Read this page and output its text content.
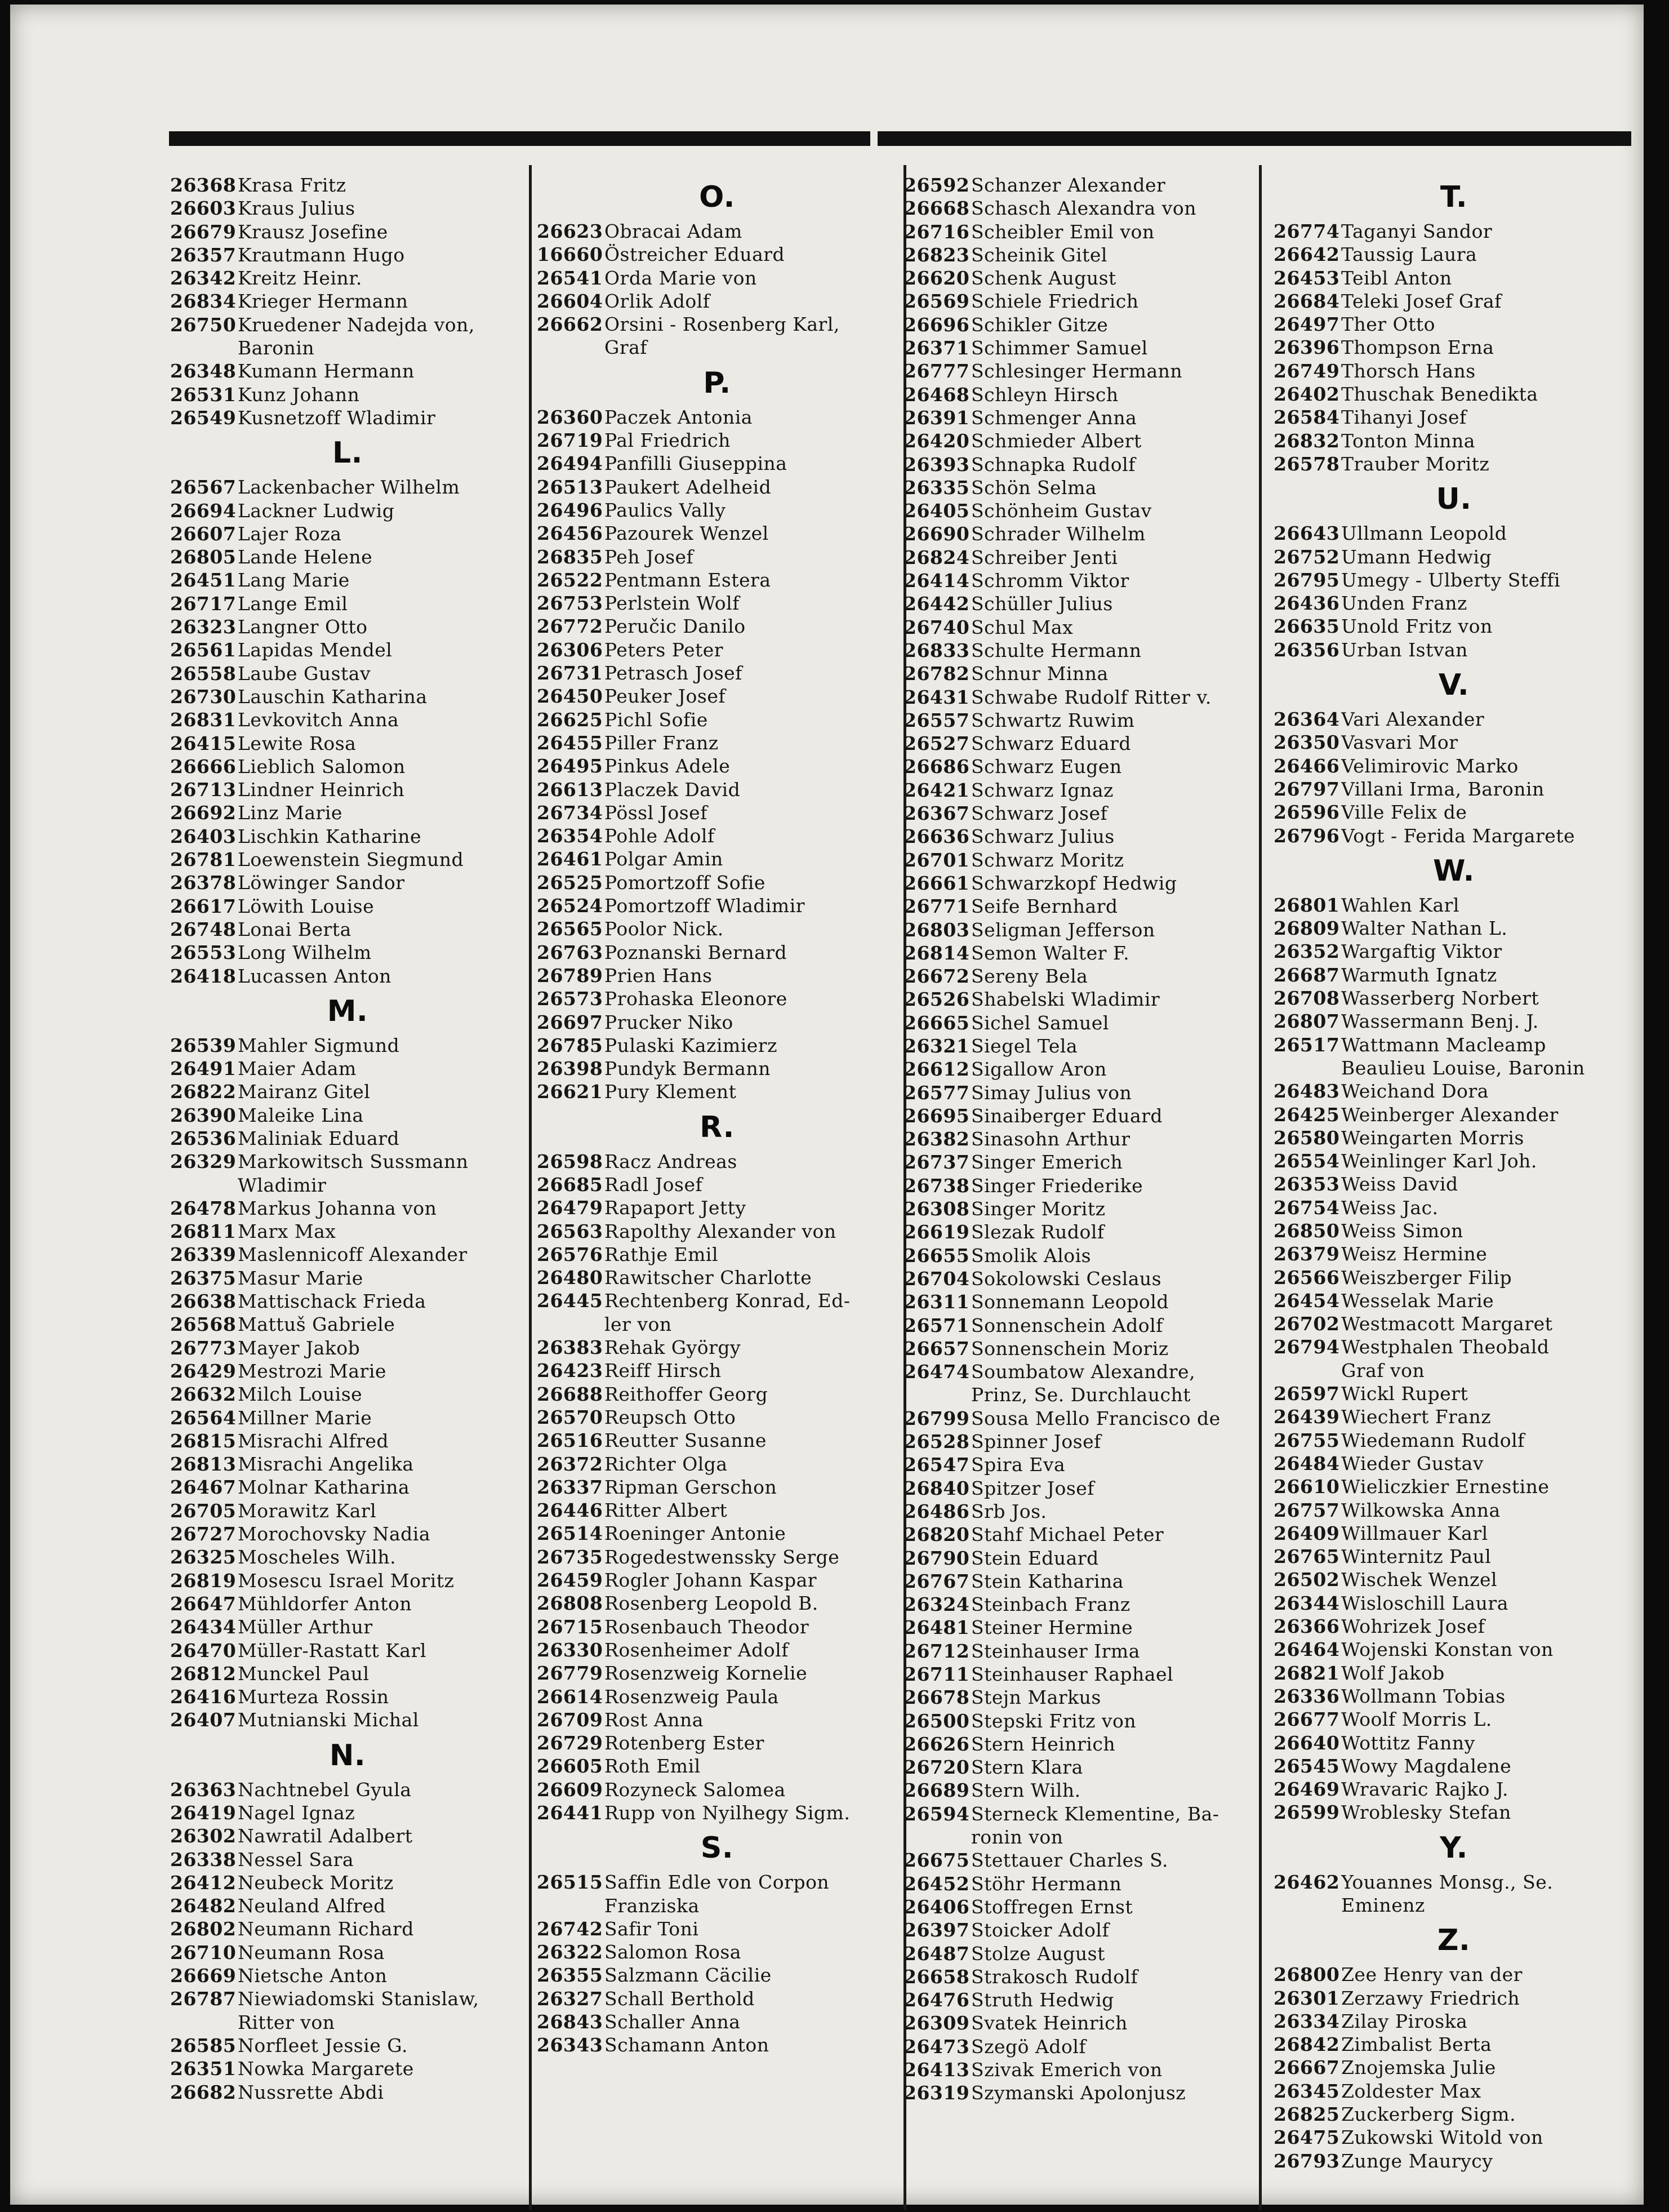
26368 Krasa Fritz
26603 Kraus Julius
26679 Krausz Josefine
26357 Krautmann Hugo
26342 Kreitz Heinr.
26834 Krieger Hermann
26750 Kruedener Nadejda von,
Baronin
26348 Kumann Hermann
26531 Kunz Johann
26549 Kusnetzoff Wladimir
L.
26567 Lackenbacher Wilhelm
26694 Lackner Ludwig
26607 Lajer Roza
26805 Lande Helene
26451 Lang Marie
26717 Lange Emil
26323 Langner Otto
26561 Lapidas Mendel
26558 Laube Gustav
26730 Lauschin Katharina
26831 Levkovitch Anna
26415 Lewite Rosa
26666 Lieblich Salomon
26713 Lindner Heinrich
26692 Linz Marie
26403 Lischkin Katharine
26781 Loewenstein Siegmund
26378 Löwinger Sandor
26617 Löwith Louise
26748 Lonai Berta
26553 Long Wilhelm
26418 Lucassen Anton
M.
26539 Mahler Sigmund
26491 Maier Adam
26822 Mairanz Gitel
26390 Maleike Lina
26536 Maliniak Eduard
26329 Markowitsch Sussmann
Wladimir
26478 Markus Johanna von
26811 Marx Max
26339 Maslennicoff Alexander
26375 Masur Marie
26638 Mattischack Frieda
26568 Mattuš Gabriele
26773 Mayer Jakob
26429 Mestrozi Marie
26632 Milch Louise
26564 Millner Marie
26815 Misrachi Alfred
26813 Misrachi Angelika
26467 Molnar Katharina
26705 Morawitz Karl
26727 Morochovsky Nadia
26325 Moscheles Wilh.
26819 Mosescu Israel Moritz
26647 Mühldorfer Anton
26434 Müller Arthur
26470 Müller-Rastatt Karl
26812 Munckel Paul
26416 Murteza Rossin
26407 Mutnianski Michal
N.
26363 Nachtnebel Gyula
26419 Nagel Ignaz
26302 Nawratil Adalbert
26338 Nessel Sara
26412 Neubeck Moritz
26482 Neuland Alfred
26802 Neumann Richard
26710 Neumann Rosa
26669 Nietsche Anton
26787 Niewiadomski Stanislaw,
Ritter von
26585 Norfleet Jessie G.
26351 Nowka Margarete
26682 Nussrette Abdi
O.
26623 Obracai Adam
16660 Östreicher Eduard
26541 Orda Marie von
26604 Orlik Adolf
26662 Orsini - Rosenberg Karl,
Graf
P.
26360 Paczek Antonia
26719 Pal Friedrich
26494 Panfilli Giuseppina
26513 Paukert Adelheid
26496 Paulics Vally
26456 Pazourek Wenzel
26835 Peh Josef
26522 Pentmann Estera
26753 Perlstein Wolf
26772 Peručic Danilo
26306 Peters Peter
26731 Petrasch Josef
26450 Peuker Josef
26625 Pichl Sofie
26455 Piller Franz
26495 Pinkus Adele
26613 Placzek David
26734 Pössl Josef
26354 Pohle Adolf
26461 Polgar Amin
26525 Pomortzoff Sofie
26524 Pomortzoff Wladimir
26565 Poolor Nick.
26763 Poznanski Bernard
26789 Prien Hans
26573 Prohaska Eleonore
26697 Prucker Niko
26785 Pulaski Kazimierz
26398 Pundyk Bermann
26621 Pury Klement
R.
26598 Racz Andreas
26685 Radl Josef
26479 Rapaport Jetty
26563 Rapolthy Alexander von
26576 Rathje Emil
26480 Rawitscher Charlotte
26445 Rechtenberg Konrad, Ed-
ler von
26383 Rehak György
26423 Reiff Hirsch
26688 Reithoffer Georg
26570 Reupsch Otto
26516 Reutter Susanne
26372 Richter Olga
26337 Ripman Gerschon
26446 Ritter Albert
26514 Roeninger Antonie
26735 Rogedestwenssky Serge
26459 Rogler Johann Kaspar
26808 Rosenberg Leopold B.
26715 Rosenbauch Theodor
26330 Rosenheimer Adolf
26779 Rosenzweig Kornelie
26614 Rosenzweig Paula
26709 Rost Anna
26729 Rotenberg Ester
26605 Roth Emil
26609 Rozyneck Salomea
26441 Rupp von Nyilhegy Sigm.
S.
26515 Saffin Edle von Corpon
Franziska
26742 Safir Toni
26322 Salomon Rosa
26355 Salzmann Cäcilie
26327 Schall Berthold
26843 Schaller Anna
26343 Schamann Anton
26592 Schanzer Alexander
26668 Schasch Alexandra von
26716 Scheibler Emil von
26823 Scheinik Gitel
26620 Schenk August
26569 Schiele Friedrich
26696 Schikler Gitze
26371 Schimmer Samuel
26777 Schlesinger Hermann
26468 Schleyn Hirsch
26391 Schmenger Anna
26420 Schmieder Albert
26393 Schnapka Rudolf
26335 Schön Selma
26405 Schönheim Gustav
26690 Schrader Wilhelm
26824 Schreiber Jenti
26414 Schromm Viktor
26442 Schüller Julius
26740 Schul Max
26833 Schulte Hermann
26782 Schnur Minna
26431 Schwabe Rudolf Ritter v.
26557 Schwartz Ruwim
26527 Schwarz Eduard
26686 Schwarz Eugen
26421 Schwarz Ignaz
26367 Schwarz Josef
26636 Schwarz Julius
26701 Schwarz Moritz
26661 Schwarzkopf Hedwig
26771 Seife Bernhard
26803 Seligman Jefferson
26814 Semon Walter F.
26672 Sereny Bela
26526 Shabelski Wladimir
26665 Sichel Samuel
26321 Siegel Tela
26612 Sigallow Aron
26577 Simay Julius von
26695 Sinaiberger Eduard
26382 Sinasohn Arthur
26737 Singer Emerich
26738 Singer Friederike
26308 Singer Moritz
26619 Slezak Rudolf
26655 Smolik Alois
26704 Sokolowski Ceslaus
26311 Sonnemann Leopold
26571 Sonnenschein Adolf
26657 Sonnenschein Moriz
26474 Soumbatow Alexandre,
Prinz, Se. Durchlaucht
26799 Sousa Mello Francisco de
26528 Spinner Josef
26547 Spira Eva
26840 Spitzer Josef
26486 Srb Jos.
26820 Stahf Michael Peter
26790 Stein Eduard
26767 Stein Katharina
26324 Steinbach Franz
26481 Steiner Hermine
26712 Steinhauser Irma
26711 Steinhauser Raphael
26678 Stejn Markus
26500 Stepski Fritz von
26626 Stern Heinrich
26720 Stern Klara
26689 Stern Wilh.
26594 Sterneck Klementine, Ba-
ronin von
26675 Stettauer Charles S.
26452 Stöhr Hermann
26406 Stoffregen Ernst
26397 Stoicker Adolf
26487 Stolze August
26658 Strakosch Rudolf
26476 Struth Hedwig
26309 Svatek Heinrich
26473 Szegö Adolf
26413 Szivak Emerich von
26319 Szymanski Apolonjusz
T.
26774 Taganyi Sandor
26642 Taussig Laura
26453 Teibl Anton
26684 Teleki Josef Graf
26497 Ther Otto
26396 Thompson Erna
26749 Thorsch Hans
26402 Thuschak Benedikta
26584 Tihanyi Josef
26832 Tonton Minna
26578 Trauber Moritz
U.
26643 Ullmann Leopold
26752 Umann Hedwig
26795 Umegy - Ulberty Steffi
26436 Unden Franz
26635 Unold Fritz von
26356 Urban Istvan
V.
26364 Vari Alexander
26350 Vasvari Mor
26466 Velimirovic Marko
26797 Villani Irma, Baronin
26596 Ville Felix de
26796 Vogt - Ferida Margarete
W.
26801 Wahlen Karl
26809 Walter Nathan L.
26352 Wargaftig Viktor
26687 Warmuth Ignatz
26708 Wasserberg Norbert
26807 Wassermann Benj. J.
26517 Wattmann Macleamp
Beaulieu Louise, Baronin
26483 Weichand Dora
26425 Weinberger Alexander
26580 Weingarten Morris
26554 Weinlinger Karl Joh.
26353 Weiss David
26754 Weiss Jac.
26850 Weiss Simon
26379 Weisz Hermine
26566 Weiszberger Filip
26454 Wesselak Marie
26702 Westmacott Margaret
26794 Westphalen Theobald
Graf von
26597 Wickl Rupert
26439 Wiechert Franz
26755 Wiedemann Rudolf
26484 Wieder Gustav
26610 Wieliczkier Ernestine
26757 Wilkowska Anna
26409 Willmauer Karl
26765 Winternitz Paul
26502 Wischek Wenzel
26344 Wisloschill Laura
26366 Wohrizek Josef
26464 Wojenski Konstan von
26821 Wolf Jakob
26336 Wollmann Tobias
26677 Woolf Morris L.
26640 Wottitz Fanny
26545 Wowy Magdalene
26469 Wravaric Rajko J.
26599 Wroblesky Stefan
Y.
26462 Youannes Monsg., Se.
Eminenz
Z.
26800 Zee Henry van der
26301 Zerzawy Friedrich
26334 Zilay Piroska
26842 Zimbalist Berta
26667 Znojemska Julie
26345 Zoldester Max
26825 Zuckerberg Sigm.
26475 Zukowski Witold von
26793 Zunge Maurycy
